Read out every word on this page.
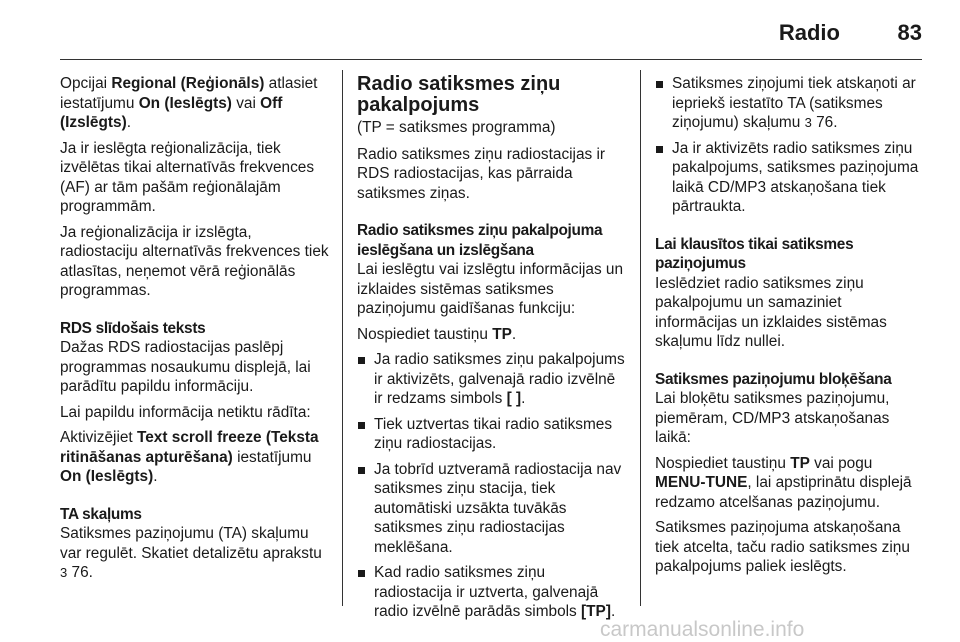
Radio	83

Opcijai Regional (Reģionāls) atlasiet iestatījumu On (Ieslēgts) vai Off (Izslēgts).

Ja ir ieslēgta reģionalizācija, tiek izvēlētas tikai alternatīvās frekvences (AF) ar tām pašām reģionālajām programmām.

Ja reģionalizācija ir izslēgta, radiostaciju alternatīvās frekvences tiek atlasītas, neņemot vērā reģionālās programmas.

RDS slīdošais teksts

Dažas RDS radiostacijas paslēpj programmas nosaukumu displejā, lai parādītu papildu informāciju.

Lai papildu informācija netiktu rādīta:

Aktivizējiet Text scroll freeze (Teksta ritināšanas apturēšana) iestatījumu On (Ieslēgts).

TA skaļums

Satiksmes paziņojumu (TA) skaļumu var regulēt. Skatiet detalizētu aprakstu 3 76.

Radio satiksmes ziņu pakalpojums

(TP = satiksmes programma)

Radio satiksmes ziņu radiostacijas ir RDS radiostacijas, kas pārraida satiksmes ziņas.

Radio satiksmes ziņu pakalpojuma ieslēgšana un izslēgšana

Lai ieslēgtu vai izslēgtu informācijas un izklaides sistēmas satiksmes paziņojumu gaidīšanas funkciju:

Nospiediet taustiņu TP.

Ja radio satiksmes ziņu pakalpojums ir aktivizēts, galvenajā radio izvēlnē ir redzams simbols [ ].
Tiek uztvertas tikai radio satiksmes ziņu radiostacijas.
Ja tobrīd uztveramā radiostacija nav satiksmes ziņu stacija, tiek automātiski uzsākta tuvākās satiksmes ziņu radiostacijas meklēšana.
Kad radio satiksmes ziņu radiostacija ir uztverta, galvenajā radio izvēlnē parādās simbols [TP].
Satiksmes ziņojumi tiek atskaņoti ar iepriekš iestatīto TA (satiksmes ziņojumu) skaļumu 3 76.
Ja ir aktivizēts radio satiksmes ziņu pakalpojums, satiksmes paziņojuma laikā CD/MP3 atskaņošana tiek pārtraukta.
Lai klausītos tikai satiksmes paziņojumus

Ieslēdziet radio satiksmes ziņu pakalpojumu un samaziniet informācijas un izklaides sistēmas skaļumu līdz nullei.

Satiksmes paziņojumu bloķēšana

Lai bloķētu satiksmes paziņojumu, piemēram, CD/MP3 atskaņošanas laikā:

Nospiediet taustiņu TP vai pogu MENU-TUNE, lai apstiprinātu displejā redzamo atcelšanas paziņojumu.

Satiksmes paziņojuma atskaņošana tiek atcelta, taču radio satiksmes ziņu pakalpojums paliek ieslēgts.

carmanualsonline.info
